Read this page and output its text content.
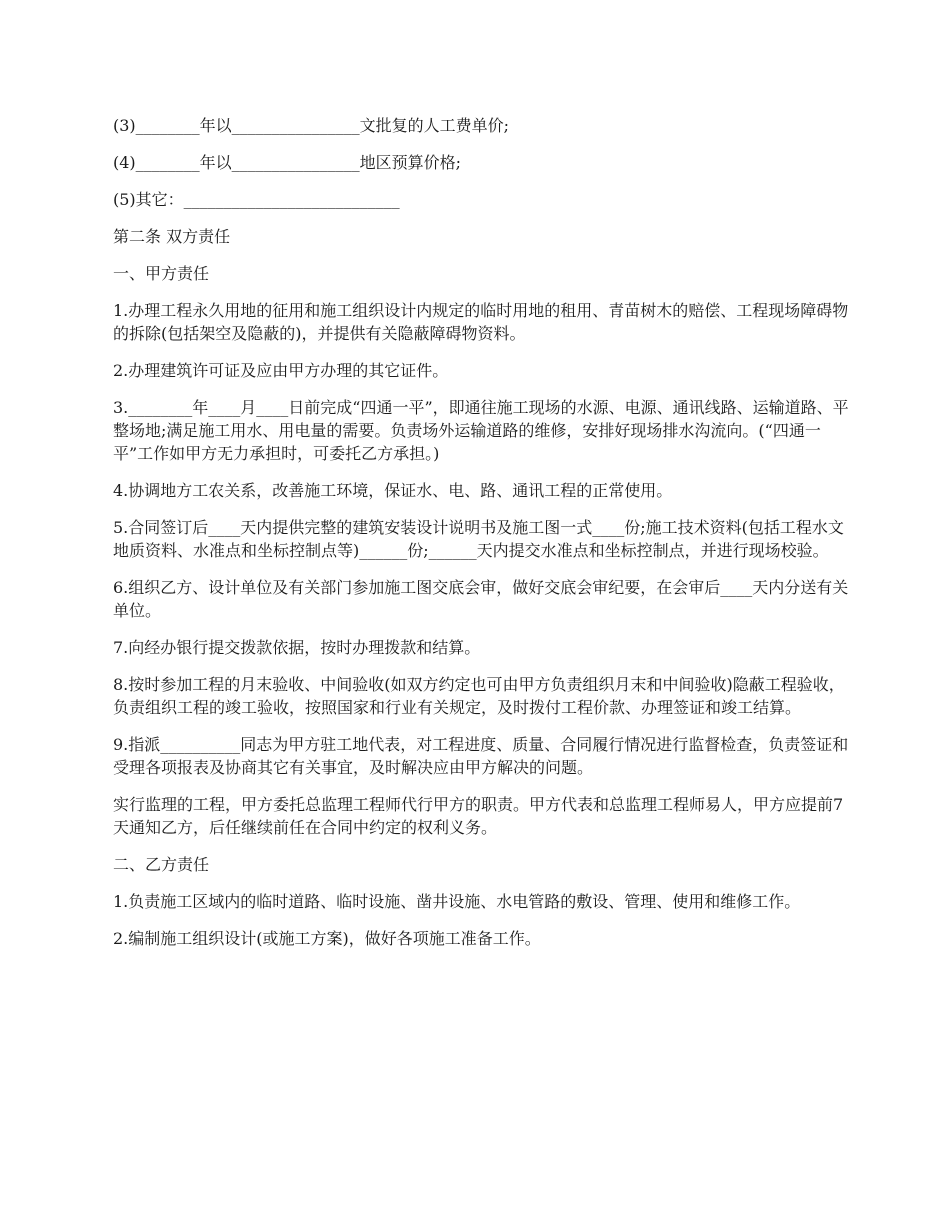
(3)________年以________________文批复的人工费单价;

(4)________年以________________地区预算价格;

(5)其它：___________________________

第二条 双方责任

一、甲方责任

1.办理工程永久用地的征用和施工组织设计内规定的临时用地的租用、青苗树木的赔偿、工程现场障碍物的拆除(包括架空及隐蔽的)，并提供有关隐蔽障碍物资料。

2.办理建筑许可证及应由甲方办理的其它证件。

3.________年____月____日前完成“四通一平”，即通往施工现场的水源、电源、通讯线路、运输道路、平整场地;满足施工用水、用电量的需要。负责场外运输道路的维修，安排好现场排水沟流向。(“四通一平”工作如甲方无力承担时，可委托乙方承担。)

4.协调地方工农关系，改善施工环境，保证水、电、路、通讯工程的正常使用。

5.合同签订后____天内提供完整的建筑安装设计说明书及施工图一式____份;施工技术资料(包括工程水文地质资料、水准点和坐标控制点等)______份;______天内提交水准点和坐标控制点，并进行现场校验。

6.组织乙方、设计单位及有关部门参加施工图交底会审，做好交底会审纪要，在会审后____天内分送有关单位。

7.向经办银行提交拨款依据，按时办理拨款和结算。

8.按时参加工程的月末验收、中间验收(如双方约定也可由甲方负责组织月末和中间验收)隐蔽工程验收，负责组织工程的竣工验收，按照国家和行业有关规定，及时拨付工程价款、办理签证和竣工结算。

9.指派__________同志为甲方驻工地代表，对工程进度、质量、合同履行情况进行监督检查，负责签证和受理各项报表及协商其它有关事宜，及时解决应由甲方解决的问题。

实行监理的工程，甲方委托总监理工程师代行甲方的职责。甲方代表和总监理工程师易人，甲方应提前7天通知乙方，后任继续前任在合同中约定的权利义务。

二、乙方责任

1.负责施工区域内的临时道路、临时设施、凿井设施、水电管路的敷设、管理、使用和维修工作。

2.编制施工组织设计(或施工方案)，做好各项施工准备工作。
